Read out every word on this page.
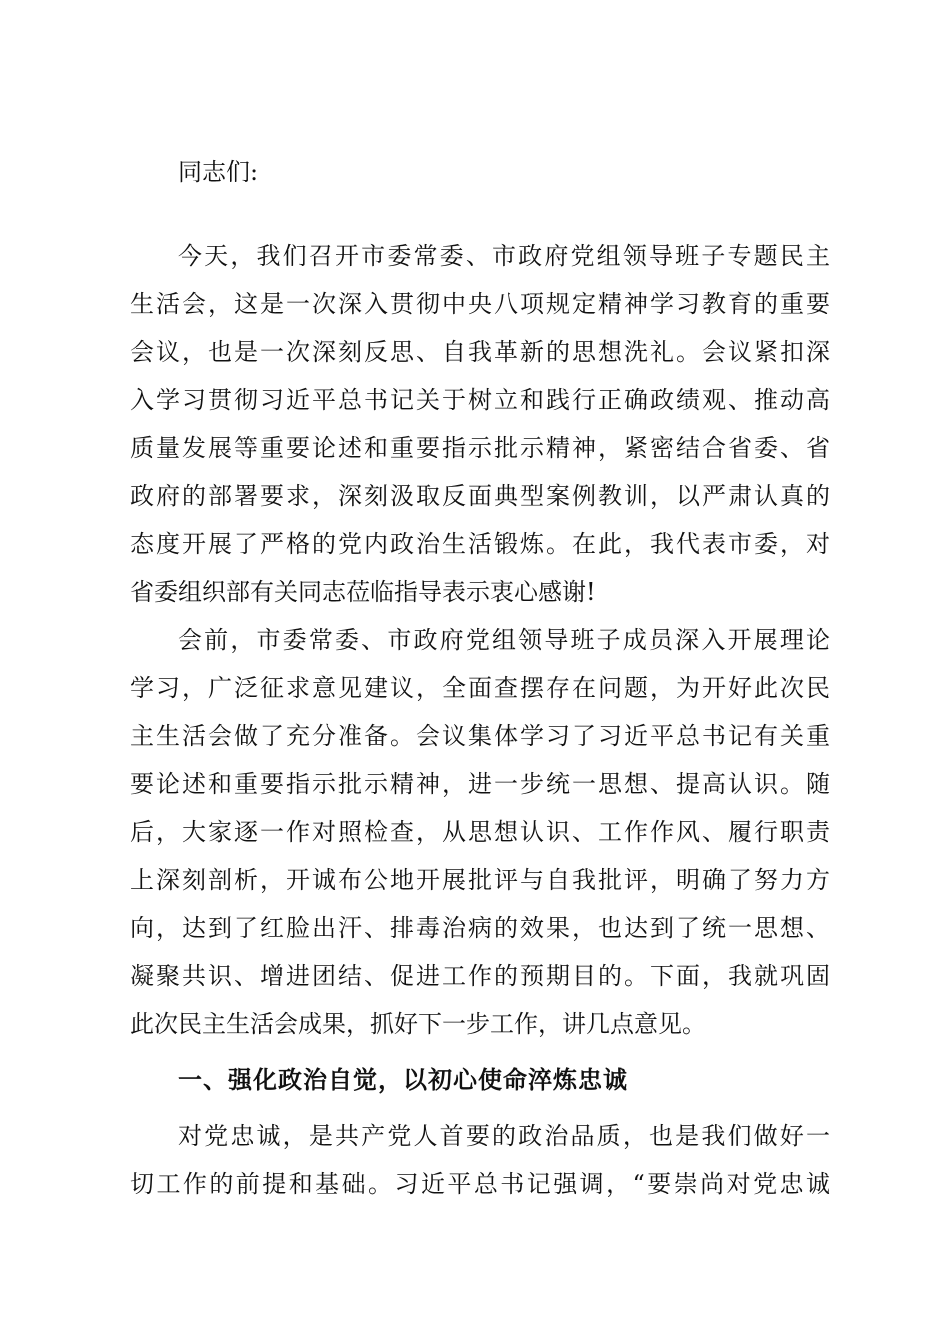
同志们:
今天，我们召开市委常委、市政府党组领导班子专题民主
生活会，这是一次深入贯彻中央八项规定精神学习教育的重要
会议，也是一次深刻反思、自我革新的思想洗礼。会议紧扣深
入学习贯彻习近平总书记关于树立和践行正确政绩观、推动高
质量发展等重要论述和重要指示批示精神，紧密结合省委、省
政府的部署要求，深刻汲取反面典型案例教训，以严肃认真的
态度开展了严格的党内政治生活锻炼。在此，我代表市委，对
省委组织部有关同志莅临指导表示衷心感谢!
会前，市委常委、市政府党组领导班子成员深入开展理论
学习，广泛征求意见建议，全面查摆存在问题，为开好此次民
主生活会做了充分准备。会议集体学习了习近平总书记有关重
要论述和重要指示批示精神，进一步统一思想、提高认识。随
后，大家逐一作对照检查，从思想认识、工作作风、履行职责
上深刻剖析，开诚布公地开展批评与自我批评，明确了努力方
向，达到了红脸出汗、排毒治病的效果，也达到了统一思想、
凝聚共识、增进团结、促进工作的预期目的。下面，我就巩固
此次民主生活会成果，抓好下一步工作，讲几点意见。
一、强化政治自觉，以初心使命淬炼忠诚
对党忠诚，是共产党人首要的政治品质，也是我们做好一
切工作的前提和基础。习近平总书记强调，“要崇尚对党忠诚
